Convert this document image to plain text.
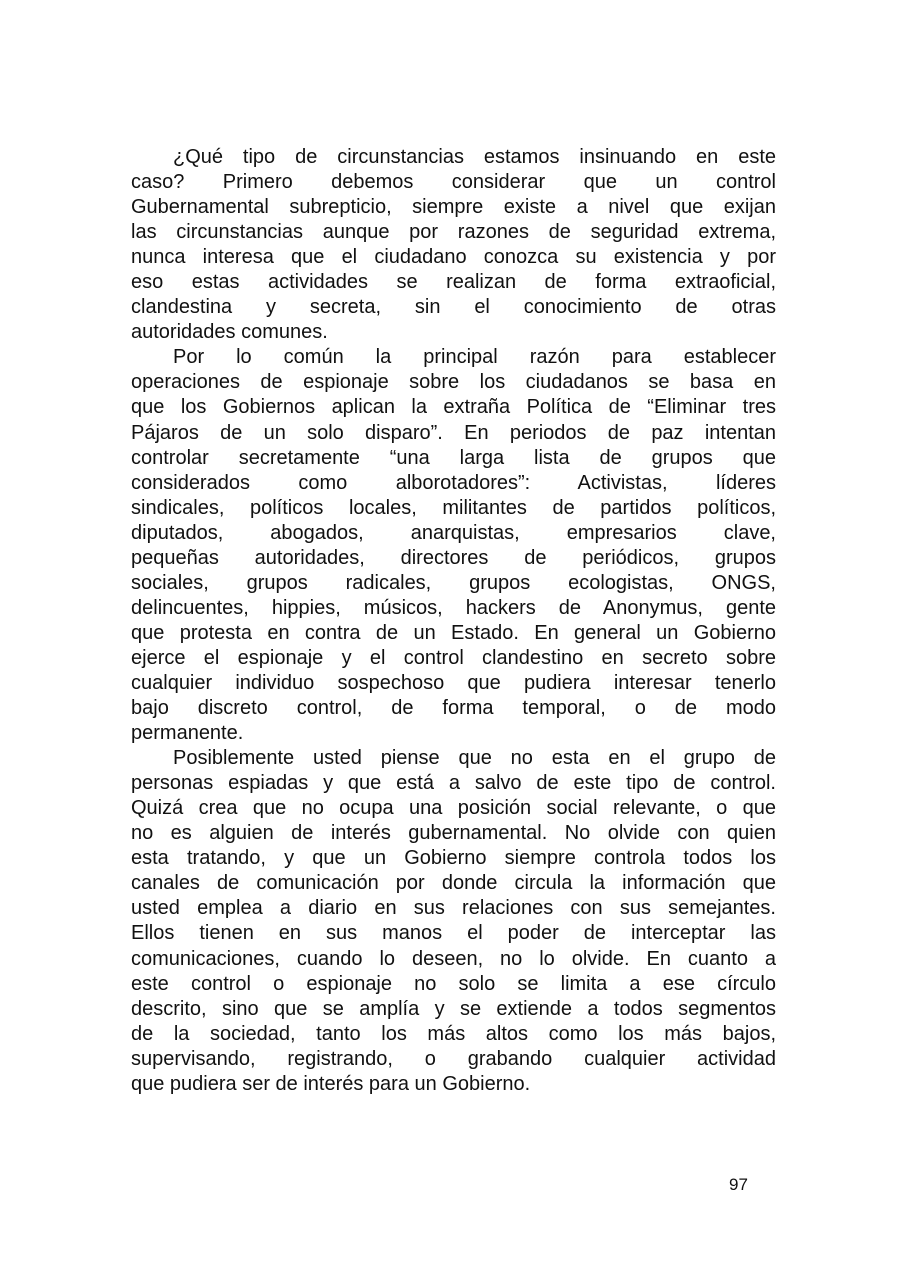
¿Qué tipo de circunstancias estamos insinuando en este
caso? Primero debemos considerar que un control
Gubernamental subrepticio, siempre existe a nivel que exijan
las circunstancias aunque por razones de seguridad extrema,
nunca interesa que el ciudadano conozca su existencia y por
eso estas actividades se realizan de forma extraoficial,
clandestina y secreta, sin el conocimiento de otras
autoridades comunes.
Por lo común la principal razón para establecer
operaciones de espionaje sobre los ciudadanos se basa en
que los Gobiernos aplican la extraña Política de “Eliminar tres
Pájaros de un solo disparo”. En periodos de paz intentan
controlar secretamente “una larga lista de grupos que
considerados como alborotadores”: Activistas, líderes
sindicales, políticos locales, militantes de partidos políticos,
diputados, abogados, anarquistas, empresarios clave,
pequeñas autoridades, directores de periódicos, grupos
sociales, grupos radicales, grupos ecologistas, ONGS,
delincuentes, hippies, músicos, hackers de Anonymus, gente
que protesta en contra de un Estado. En general un Gobierno
ejerce el espionaje y el control clandestino en secreto sobre
cualquier individuo sospechoso que pudiera interesar tenerlo
bajo discreto control, de forma temporal, o de modo
permanente.
Posiblemente usted piense que no esta en el grupo de
personas espiadas y que está a salvo de este tipo de control.
Quizá crea que no ocupa una posición social relevante, o que
no es alguien de interés gubernamental. No olvide con quien
esta tratando, y que un Gobierno siempre controla todos los
canales de comunicación por donde circula la información que
usted emplea a diario en sus relaciones con sus semejantes.
Ellos tienen en sus manos el poder de interceptar las
comunicaciones, cuando lo deseen, no lo olvide. En cuanto a
este control o espionaje no solo se limita a ese círculo
descrito, sino que se amplía y se extiende a todos segmentos
de la sociedad, tanto los más altos como los más bajos,
supervisando, registrando, o grabando cualquier actividad
que pudiera ser de interés para un Gobierno.
97
